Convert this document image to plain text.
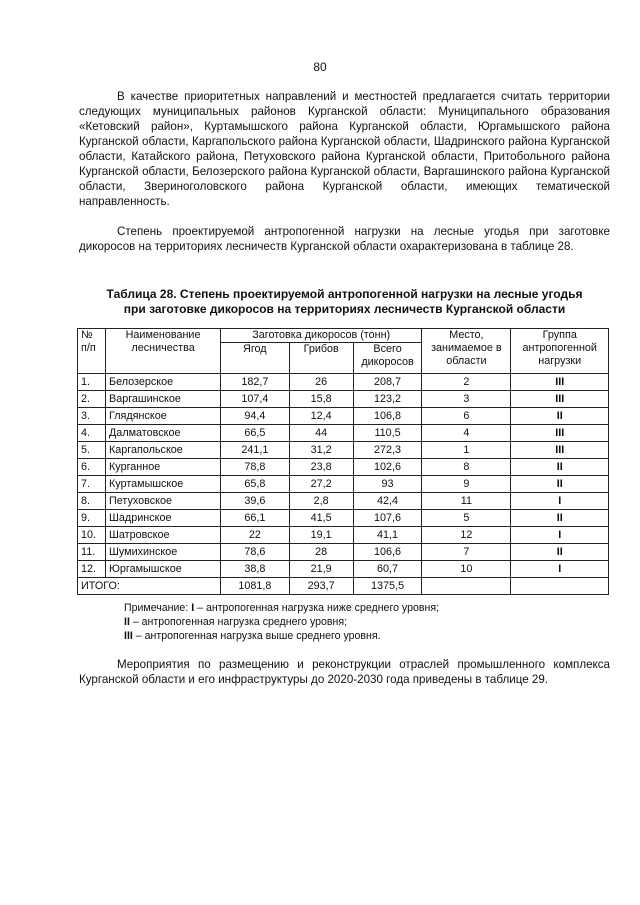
80

В качестве приоритетных направлений и местностей предлагается считать территории следующих муниципальных районов Курганской области: Муниципального образования «Кетовский район», Куртамышского района Курганской области, Юргамышского района Курганской области, Каргапольского района Курганской области, Шадринского района Курганской области, Катайского района, Петуховского района Курганской области, Притобольного района Курганской области, Белозерского района Курганской области, Варгашинского района Курганской области, Звериноголовского района Курганской области, имеющих тематической направленность.

Степень проектируемой антропогенной нагрузки на лесные угодья при заготовке дикоросов на территориях лесничеств Курганской области охарактеризована в таблице 28.

Таблица 28. Степень проектируемой антропогенной нагрузки на лесные угодья
при заготовке дикоросов на территориях лесничеств Курганской области
№ п/п	Наименование лесничества	Заготовка дикоросов (тонн)			Место, занимаемое в области	Группа антропогенной нагрузки
		Ягод	Грибов	Всего дикоросов		
1.	Белозерское	182,7	26	208,7	2	III
2.	Варгашинское	107,4	15,8	123,2	3	III
3.	Глядянское	94,4	12,4	106,8	6	II
4.	Далматовское	66,5	44	110,5	4	III
5.	Каргапольское	241,1	31,2	272,3	1	III
6.	Курганное	78,8	23,8	102,6	8	II
7.	Куртамышское	65,8	27,2	93	9	II
8.	Петуховское	39,6	2,8	42,4	11	I
9.	Шадринское	66,1	41,5	107,6	5	II
10.	Шатровское	22	19,1	41,1	12	I
11.	Шумихинское	78,6	28	106,6	7	II
12.	Юргамышское	38,8	21,9	60,7	10	I
ИТОГО:		1081,8	293,7	1375,5		
Примечание: I – антропогенная нагрузка ниже среднего уровня;
II – антропогенная нагрузка среднего уровня;
III – антропогенная нагрузка выше среднего уровня.

Мероприятия по размещению и реконструкции отраслей промышленного комплекса Курганской области и его инфраструктуры до 2020-2030 года приведены в таблице 29.
